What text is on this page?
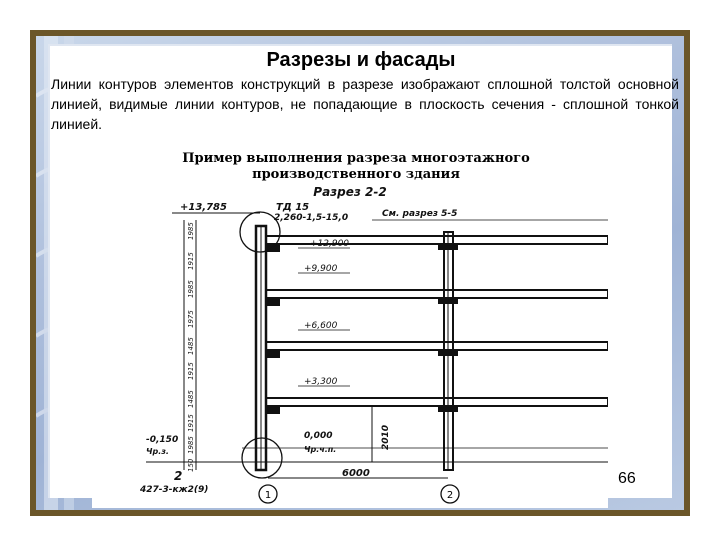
Разрезы и фасады
Линии контуров элементов конструкций в разрезе изображают сплошной толстой основной линией, видимые линии контуров, не попадающие в плоскость сечения - сплошной тонкой линией.
Пример выполнения разреза многоэтажного
производственного здания
Разрез 2-2
+13,785
1985
1915
1985
1975
1485
1915
1485
1915
1985
150
ТД 15
2,260-1,5-15,0	См. разрез 5-5
+12,900
+9,900
+6,600
+3,300
2010
0,000
Чр.ч.п.
-0,150
Чр.з.
2	6000
427-3-кж2(9)	1	2
66
